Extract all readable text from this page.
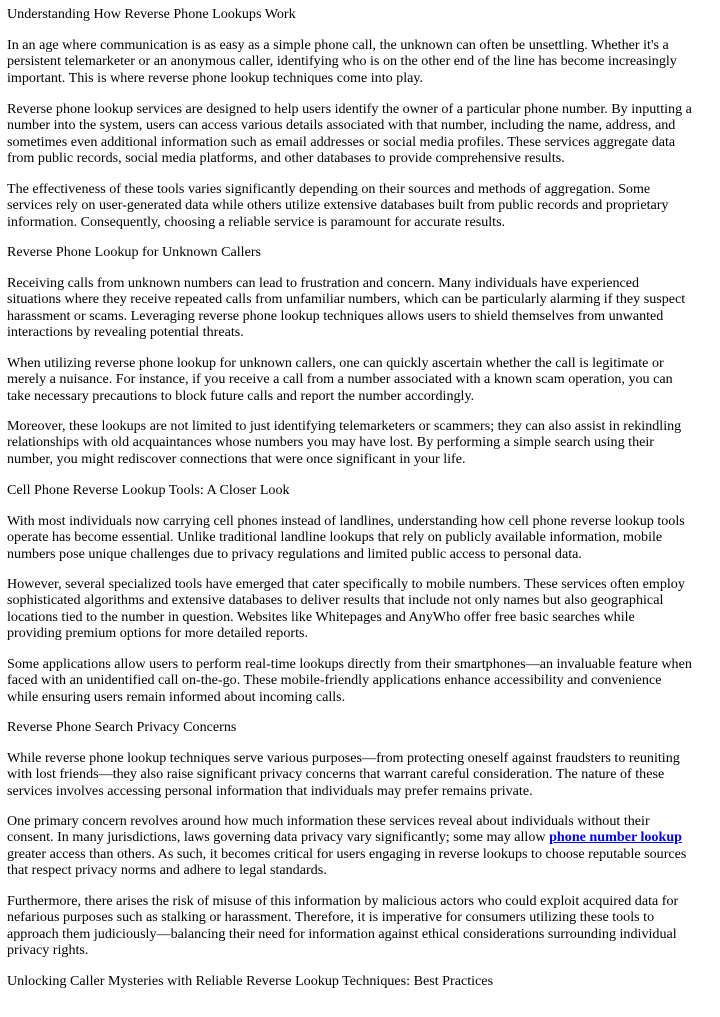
Understanding How Reverse Phone Lookups Work

In an age where communication is as easy as a simple phone call, the unknown can often be unsettling. Whether it's a
persistent telemarketer or an anonymous caller, identifying who is on the other end of the line has become increasingly
important. This is where reverse phone lookup techniques come into play.

Reverse phone lookup services are designed to help users identify the owner of a particular phone number. By inputting a
number into the system, users can access various details associated with that number, including the name, address, and
sometimes even additional information such as email addresses or social media profiles. These services aggregate data
from public records, social media platforms, and other databases to provide comprehensive results.

The effectiveness of these tools varies significantly depending on their sources and methods of aggregation. Some
services rely on user-generated data while others utilize extensive databases built from public records and proprietary
information. Consequently, choosing a reliable service is paramount for accurate results.

Reverse Phone Lookup for Unknown Callers

Receiving calls from unknown numbers can lead to frustration and concern. Many individuals have experienced
situations where they receive repeated calls from unfamiliar numbers, which can be particularly alarming if they suspect
harassment or scams. Leveraging reverse phone lookup techniques allows users to shield themselves from unwanted
interactions by revealing potential threats.

When utilizing reverse phone lookup for unknown callers, one can quickly ascertain whether the call is legitimate or
merely a nuisance. For instance, if you receive a call from a number associated with a known scam operation, you can
take necessary precautions to block future calls and report the number accordingly.

Moreover, these lookups are not limited to just identifying telemarketers or scammers; they can also assist in rekindling
relationships with old acquaintances whose numbers you may have lost. By performing a simple search using their
number, you might rediscover connections that were once significant in your life.

Cell Phone Reverse Lookup Tools: A Closer Look

With most individuals now carrying cell phones instead of landlines, understanding how cell phone reverse lookup tools
operate has become essential. Unlike traditional landline lookups that rely on publicly available information, mobile
numbers pose unique challenges due to privacy regulations and limited public access to personal data.

However, several specialized tools have emerged that cater specifically to mobile numbers. These services often employ
sophisticated algorithms and extensive databases to deliver results that include not only names but also geographical
locations tied to the number in question. Websites like Whitepages and AnyWho offer free basic searches while
providing premium options for more detailed reports.

Some applications allow users to perform real-time lookups directly from their smartphones—an invaluable feature when
faced with an unidentified call on-the-go. These mobile-friendly applications enhance accessibility and convenience
while ensuring users remain informed about incoming calls.

Reverse Phone Search Privacy Concerns

While reverse phone lookup techniques serve various purposes—from protecting oneself against fraudsters to reuniting
with lost friends—they also raise significant privacy concerns that warrant careful consideration. The nature of these
services involves accessing personal information that individuals may prefer remains private.

One primary concern revolves around how much information these services reveal about individuals without their
consent. In many jurisdictions, laws governing data privacy vary significantly; some may allow phone number lookup
greater access than others. As such, it becomes critical for users engaging in reverse lookups to choose reputable sources
that respect privacy norms and adhere to legal standards.

Furthermore, there arises the risk of misuse of this information by malicious actors who could exploit acquired data for
nefarious purposes such as stalking or harassment. Therefore, it is imperative for consumers utilizing these tools to
approach them judiciously—balancing their need for information against ethical considerations surrounding individual
privacy rights.

Unlocking Caller Mysteries with Reliable Reverse Lookup Techniques: Best Practices
